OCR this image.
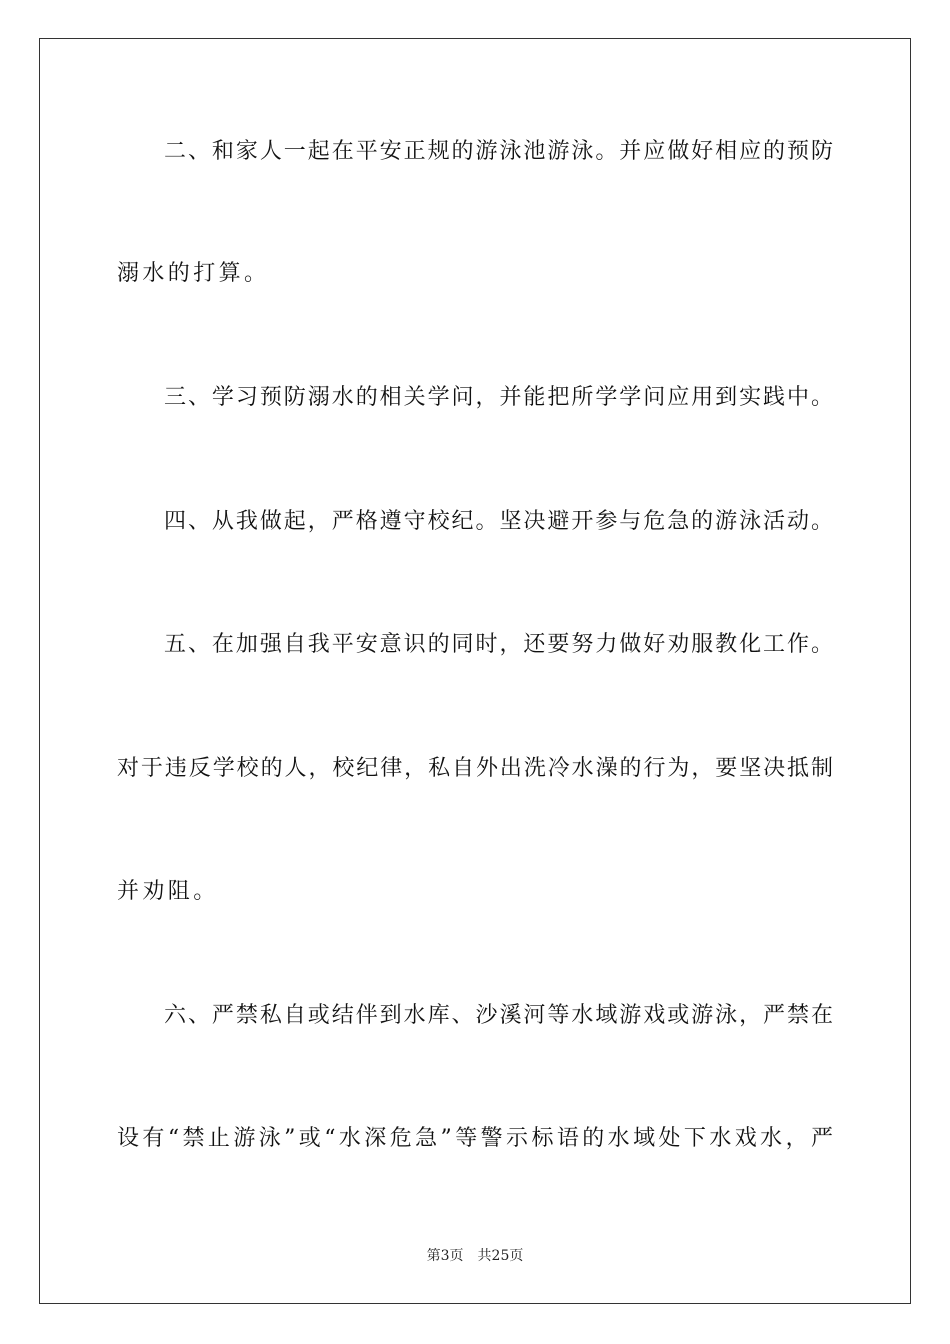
二、和家人一起在平安正规的游泳池游泳。并应做好相应的预防
溺水的打算。
三、学习预防溺水的相关学问，并能把所学学问应用到实践中。
四、从我做起，严格遵守校纪。坚决避开参与危急的游泳活动。
五、在加强自我平安意识的同时，还要努力做好劝服教化工作。
对于违反学校的人，校纪律，私自外出洗冷水澡的行为，要坚决抵制
并劝阻。
六、严禁私自或结伴到水库、沙溪河等水域游戏或游泳，严禁在
设有“禁止游泳”或“水深危急”等警示标语的水域处下水戏水，严
第3页 共25页
